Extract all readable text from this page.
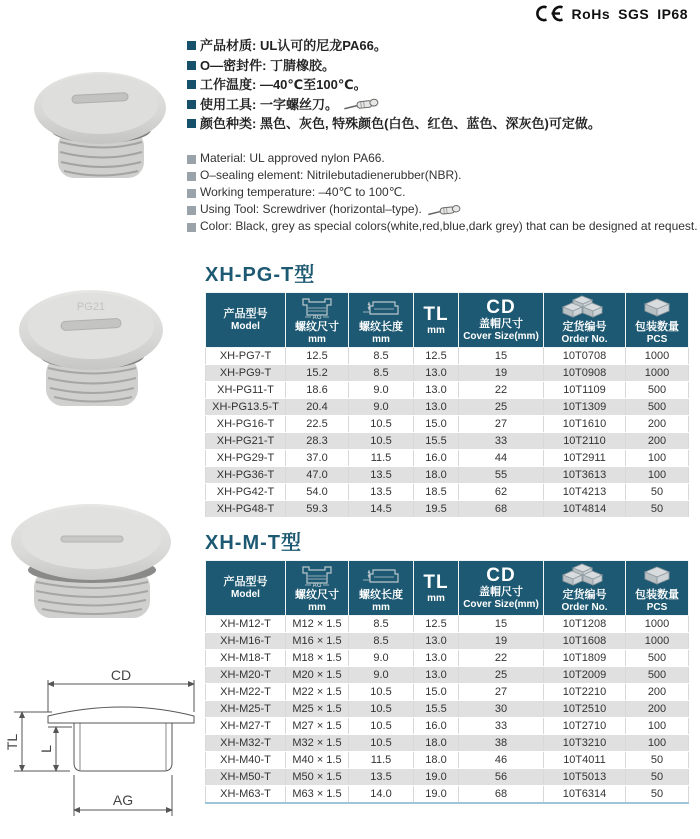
RoHs SGS IP68
产品材质: UL认可的尼龙PA66。
O—密封件: 丁腈橡胶。
工作温度: —40℃至100℃。
使用工具: 一字螺丝刀。
颜色种类: 黑色、灰色, 特殊颜色(白色、红色、蓝色、深灰色)可定做。
Material: UL approved nylon PA66.
O–sealing element: Nitrilebutadienerubber(NBR).
Working temperature: –40℃ to 100℃.
Using Tool: Screwdriver (horizontal–type).
Color: Black, grey as special colors(white,red,blue,dark grey) that can be designed at request.
PG21
XH-PG-T型
产品型号
Model

AG
螺纹尺寸
mm

螺纹长度
mm

TL
mm

CD
盖帽尺寸
Cover Size(mm)

定货编号
Order No.

包装数量
PCS

XH-PG7-T	12.5	8.5	12.5	15	10T0708	1000
XH-PG9-T	15.2	8.5	13.0	19	10T0908	1000
XH-PG11-T	18.6	9.0	13.0	22	10T1109	500
XH-PG13.5-T	20.4	9.0	13.0	25	10T1309	500
XH-PG16-T	22.5	10.5	15.0	27	10T1610	200
XH-PG21-T	28.3	10.5	15.5	33	10T2110	200
XH-PG29-T	37.0	11.5	16.0	44	10T2911	100
XH-PG36-T	47.0	13.5	18.0	55	10T3613	100
XH-PG42-T	54.0	13.5	18.5	62	10T4213	50
XH-PG48-T	59.3	14.5	19.5	68	10T4814	50
XH-M-T型
产品型号
Model

AG
螺纹尺寸
mm

螺纹长度
mm

TL
mm

CD
盖帽尺寸
Cover Size(mm)

定货编号
Order No.

包装数量
PCS

XH-M12-T	M12 × 1.5	8.5	12.5	15	10T1208	1000
XH-M16-T	M16 × 1.5	8.5	13.0	19	10T1608	1000
XH-M18-T	M18 × 1.5	9.0	13.0	22	10T1809	500
XH-M20-T	M20 × 1.5	9.0	13.0	25	10T2009	500
XH-M22-T	M22 × 1.5	10.5	15.0	27	10T2210	200
XH-M25-T	M25 × 1.5	10.5	15.5	30	10T2510	200
XH-M27-T	M27 × 1.5	10.5	16.0	33	10T2710	100
XH-M32-T	M32 × 1.5	10.5	18.0	38	10T3210	100
XH-M40-T	M40 × 1.5	11.5	18.0	46	10T4011	50
XH-M50-T	M50 × 1.5	13.5	19.0	56	10T5013	50
XH-M63-T	M63 × 1.5	14.0	19.0	68	10T6314	50
CD
TL L
AG
